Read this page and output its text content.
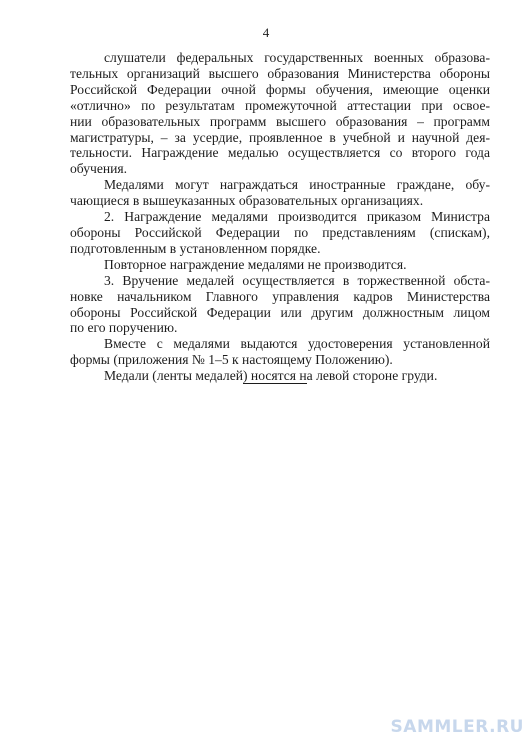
4
слушатели федеральных государственных военных образова-
тельных организаций высшего образования Министерства обороны
Российской Федерации очной формы обучения, имеющие оценки
«отлично» по результатам промежуточной аттестации при освое-
нии образовательных программ высшего образования – программ
магистратуры, – за усердие, проявленное в учебной и научной дея-
тельности. Награждение медалью осуществляется со второго года
обучения.
Медалями могут награждаться иностранные граждане, обу-
чающиеся в вышеуказанных образовательных организациях.
2. Награждение медалями производится приказом Министра
обороны Российской Федерации по представлениям (спискам),
подготовленным в установленном порядке.
Повторное награждение медалями не производится.
3. Вручение медалей осуществляется в торжественной обста-
новке начальником Главного управления кадров Министерства
обороны Российской Федерации или другим должностным лицом
по его поручению.
Вместе с медалями выдаются удостоверения установленной
формы (приложения № 1–5 к настоящему Положению).
Медали (ленты медалей) носятся на левой стороне груди.
SAMMLER.RU
